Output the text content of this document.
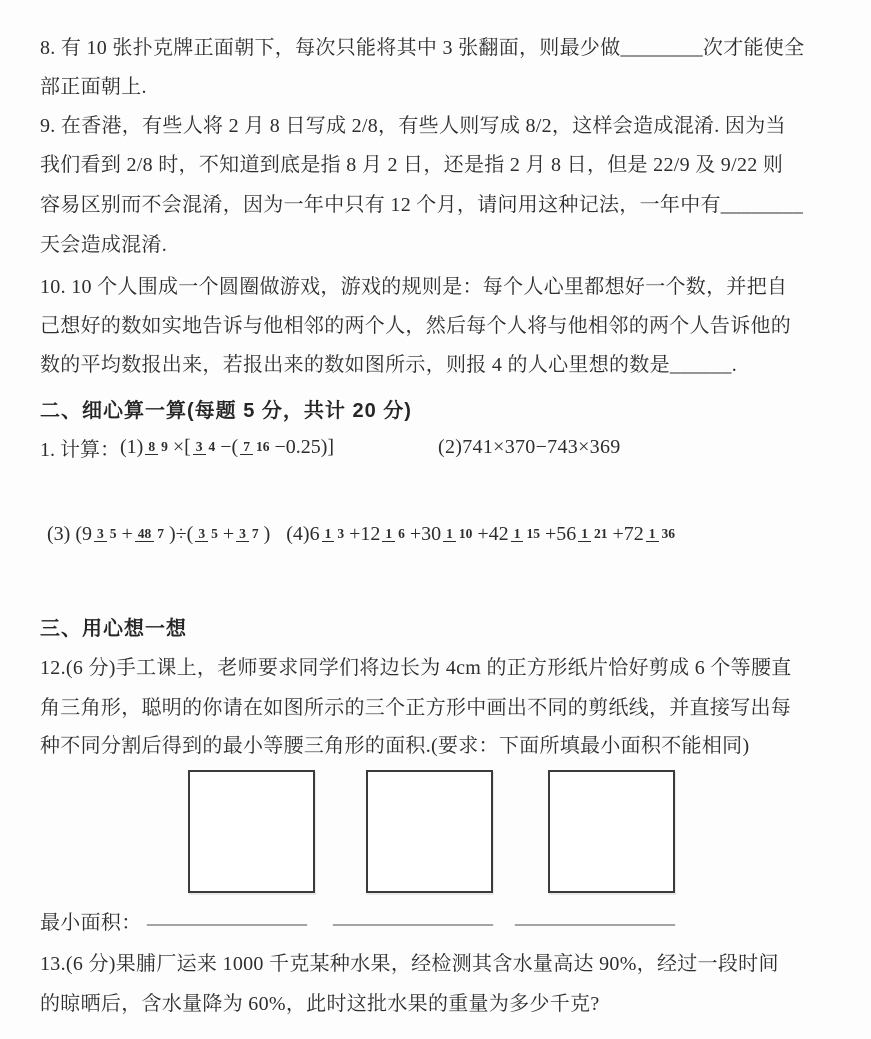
8. 有 10 张扑克牌正面朝下，每次只能将其中 3 张翻面，则最少做________次才能使全
部正面朝上.
9. 在香港，有些人将 2 月 8 日写成 2/8，有些人则写成 8/2，这样会造成混淆. 因为当
我们看到 2/8 时，不知道到底是指 8 月 2 日，还是指 2 月 8 日，但是 22/9 及 9/22 则
容易区别而不会混淆，因为一年中只有 12 个月，请问用这种记法，一年中有________
天会造成混淆.
10. 10 个人围成一个圆圈做游戏，游戏的规则是：每个人心里都想好一个数，并把自
己想好的数如实地告诉与他相邻的两个人，然后每个人将与他相邻的两个人告诉他的
数的平均数报出来，若报出来的数如图所示，则报 4 的人心里想的数是______.
二、细心算一算(每题 5 分，共计 20 分)
1. 计算： (1) 8 9 ×[ 3 4 −( 7 16 −0.25)]	(2)741×370−743×369
(3) (9 3 5 + 48 7 )÷( 3 5 + 3 7 ) (4)6 1 3 +12 1 6 +30 1 10 +42 1 15 +56 1 21 +72 1 36
三、用心想一想
12.(6 分)手工课上，老师要求同学们将边长为 4cm 的正方形纸片恰好剪成 6 个等腰直
角三角形，聪明的你请在如图所示的三个正方形中画出不同的剪纸线，并直接写出每
种不同分割后得到的最小等腰三角形的面积.(要求：下面所填最小面积不能相同)
最小面积： ________________ ________________ ________________
13.(6 分)果脯厂运来 1000 千克某种水果，经检测其含水量高达 90%，经过一段时间
的晾晒后，含水量降为 60%，此时这批水果的重量为多少千克?
